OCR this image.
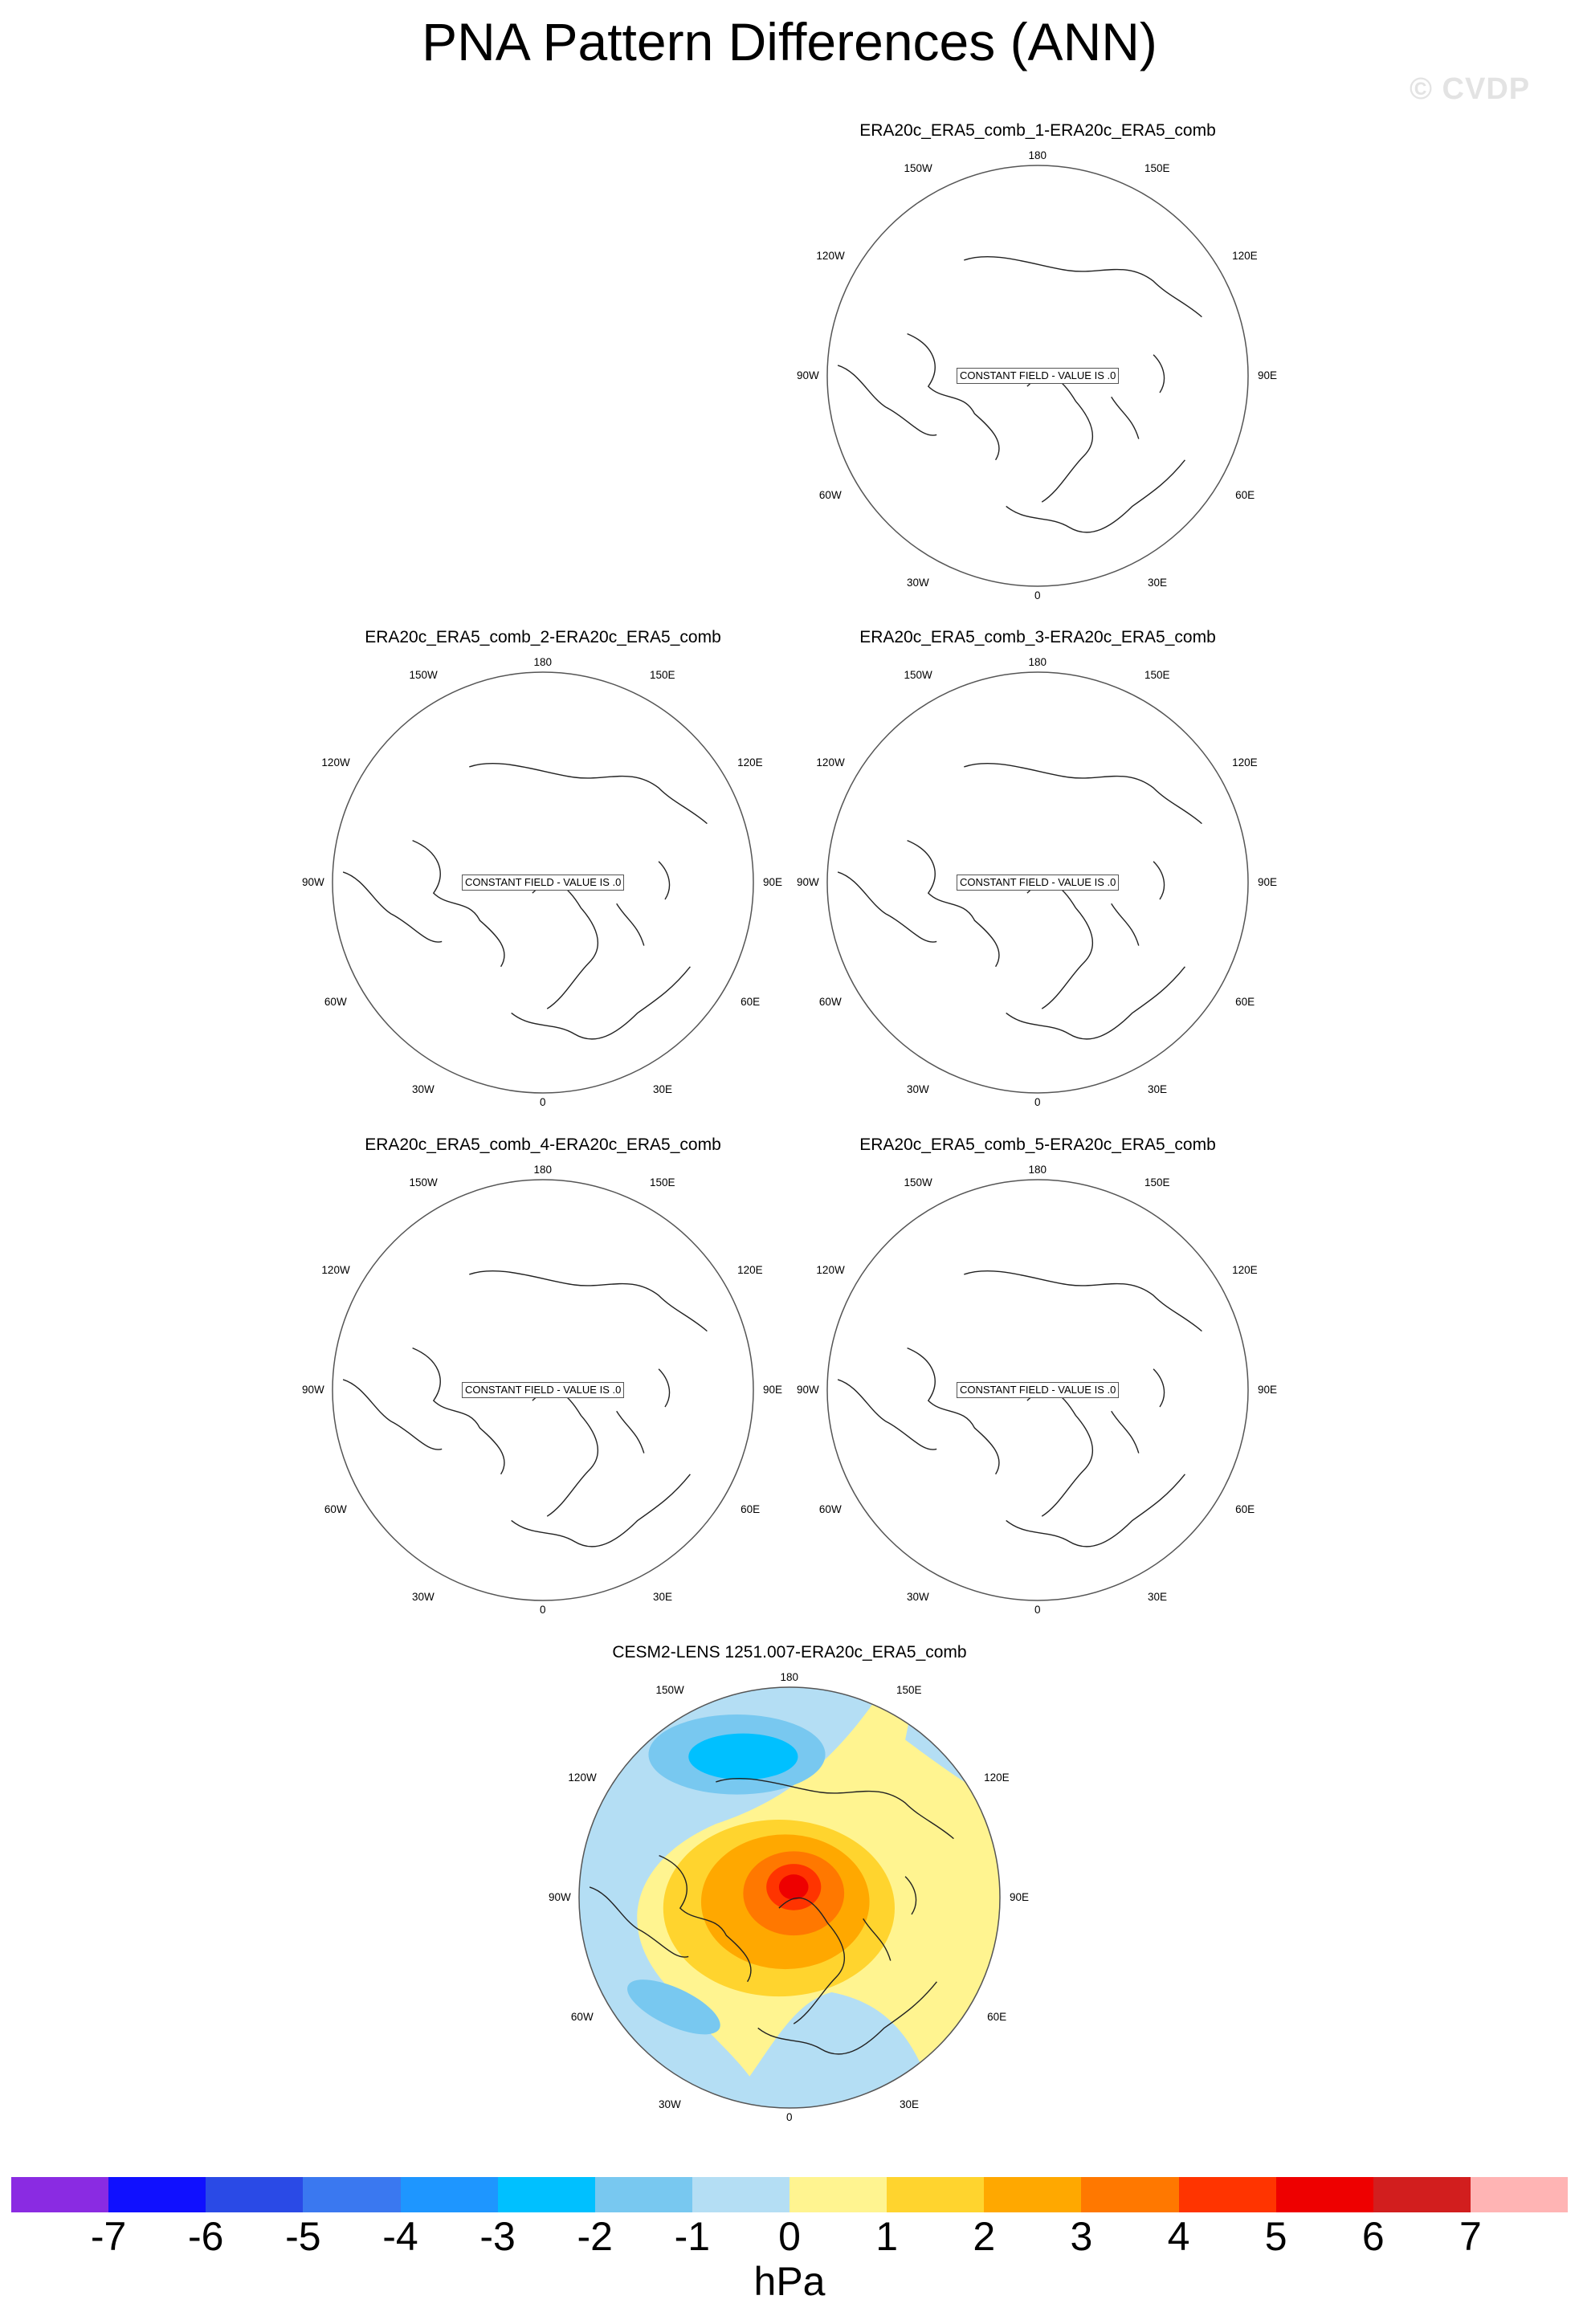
PNA Pattern Differences (ANN)
© CVDP
ERA20c_ERA5_comb_1-ERA20c_ERA5_comb
180
150E
120E
90E
60E
30E
0
30W
60W
90W
120W
150W
CONSTANT FIELD - VALUE IS .0
ERA20c_ERA5_comb_2-ERA20c_ERA5_comb
180
150E
120E
90E
60E
30E
0
30W
60W
90W
120W
150W
CONSTANT FIELD - VALUE IS .0
ERA20c_ERA5_comb_3-ERA20c_ERA5_comb
180
150E
120E
90E
60E
30E
0
30W
60W
90W
120W
150W
CONSTANT FIELD - VALUE IS .0
ERA20c_ERA5_comb_4-ERA20c_ERA5_comb
180
150E
120E
90E
60E
30E
0
30W
60W
90W
120W
150W
CONSTANT FIELD - VALUE IS .0
ERA20c_ERA5_comb_5-ERA20c_ERA5_comb
180
150E
120E
90E
60E
30E
0
30W
60W
90W
120W
150W
CONSTANT FIELD - VALUE IS .0
CESM2-LENS 1251.007-ERA20c_ERA5_comb
180
150E
120E
90E
60E
30E
0
30W
60W
90W
120W
150W
-7	-6	-5	-4	-3	-2	-1	0	1	2	3	4	5	6	7
hPa
